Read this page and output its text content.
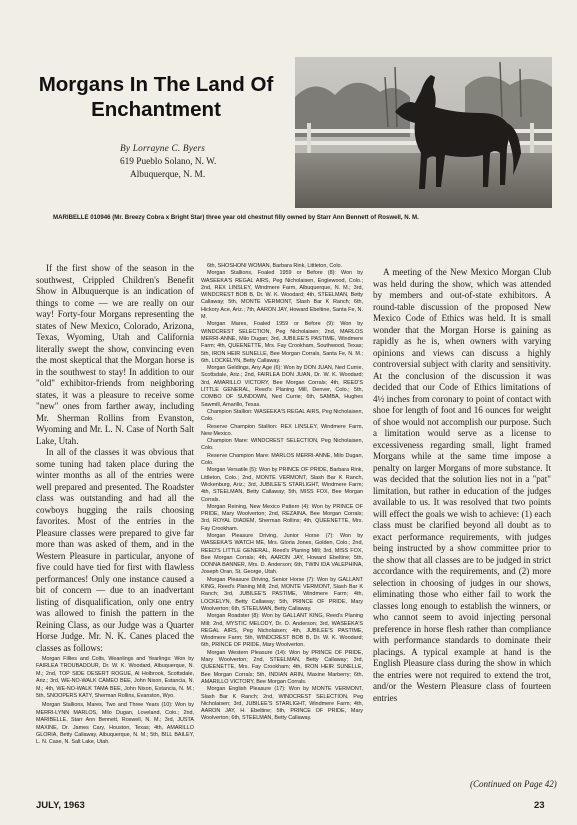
Morgans In The Land Of Enchantment
By Lorrayne C. Byers
619 Pueblo Solano, N. W.
Albuquerque, N. M.
MARIBELLE 010946 (Mr. Breezy Cobra x Bright Star) three year old chestnut filly owned by Starr Ann Bennett of Roswell, N. M.

If the first show of the season in the southwest, Crippled Children's Benefit Show in Albuquerque is an indication of things to come — we are really on our way! Forty-four Morgans representing the states of New Mexico, Colorado, Arizona, Texas, Wyoming, Utah and California literally swept the show, convincing even the most skeptical that the Morgan horse is in the southwest to stay! In addition to our "old" exhibitor-friends from neighboring states, it was a pleasure to receive some "new" ones from farther away, including Mr. Sherman Rollins from Evanston, Wyoming and Mr. L. N. Case of North Salt Lake, Utah.

In all of the classes it was obvious that some tuning had taken place during the winter months as all of the entries were well prepared and presented. The Roadster class was outstanding and had all the cowboys hugging the rails choosing favorites. Most of the entries in the Pleasure classes were prepared to give far more than was asked of them, and in the Western Pleasure in particular, anyone of five could have tied for first with flawless performances! Only one instance caused a bit of concern — due to an inadvertant listing of disqualification, only one entry was allowed to finish the pattern in the Reining Class, as our Judge was a Quarter Horse Judge. Mr. N. K. Canes placed the classes as follows:

Morgan Fillies and Colts, Weanlings and Yearlings: Won by FAIRLEA TROUBADOUR, Dr. W. K. Woodard, Albuquerque, N. M.; 2nd, TOP SIDE DESERT ROGUE, Al Holbrook, Scottsdale, Ariz.; 3rd, WE-NO-WALK CAMEO BEE, John Nixon, Estancia, N. M.; 4th, WE-NO-WALK TAMA BEE, John Nixon, Estancia, N. M.; 5th, SNOOPERS KATY, Sherman Rollins, Evanston, Wyo.

Morgan Stallions, Mares, Two and Three Years (10): Won by MERRI-LYNN MARLOS, Milo Dugan, Loveland, Colo.; 2nd, MARIBELLE, Starr Ann Bennett, Roswell, N. M.; 3rd, JUSTA MAXINE, Dr. James Cary, Houston, Texas; 4th, AMARILLO GLORIA, Betty Callaway, Albuquerque, N. M.; 5th, BILL BAILEY, L. N. Case, N. Salt Lake, Utah.

6th, SHOSHONI WOMAN, Barbara Rink, Littleton, Colo.

Morgan Stallions, Foaled 1959 or Before (8): Won by WASEEKA'S REGAL AIRS, Peg Nicholaisen, Englewood, Colo.; 2nd, REX LINSLEY, Windmere Farm, Albuquerque, N. M.; 3rd, WINDCREST BOB B, Dr. W. K. Woodard; 4th, STEELMAN, Betty Callaway; 5th, MONTE VERMONT, Slash Bar K Ranch; 6th, Hickory Ace, Ariz.; 7th, AARON JAY, Howard Ebeltine, Santa Fe, N. M.

Morgan Mares, Foaled 1959 or Before (9): Won by WINDCREST SELECTION, Peg Nicholaisen; 2nd, MARLOS MERRI-ANNE, Milo Dugan; 3rd, JUBILEE'S PASTIME, Windmere Farm; 4th, QUEENETTE, Mrs. Fay Crookham, Southwood, Texas; 5th, IRON HEIR SUNELLE, Bee Morgan Corrals, Santa Fe, N. M.; 6th, LOCKELYN, Betty Callaway.

Morgan Geldings, Any Age (6): Won by DON JUAN, Ned Currie, Scottsdale, Ariz.; 2nd, FAIRLEA DON JUAN, Dr. W. K. Woodard; 3rd, AMARILLO VICTORY, Bee Morgan Corrals; 4th, REED'S LITTLE GENERAL, Reed's Planing Mill, Denver, Colo.; 5th, COMBO OF SUNDOWN, Ned Currie; 6th, SAMBA, Hughes Sawmill, Amarillo, Texas.

Champion Stallion: WASEEKA'S REGAL AIRS, Peg Nicholaisen, Colo.

Reserve Champion Stallion: REX LINSLEY, Windmere Farm, New Mexico.

Champion Mare: WINDCREST SELECTION, Peg Nicholaisen, Colo.

Reserve Champion Mare: MARLOS MERRI-ANNE, Milo Dugan, Colo.

Morgan Versatile (5): Won by PRINCE OF PRIDE, Barbara Rink, Littleton, Colo.; 2nd, MONTE VERMONT, Slash Bar K Ranch, Wickenburg, Ariz.; 3rd, JUBILEE'S STARLIGHT, Windmere Farm; 4th, STEELMAN, Betty Callaway; 5th, MISS FOX, Bee Morgan Corrals.

Morgan Reining, New Mexico Pattern (4): Won by PRINCE OF PRIDE, Mary Woolverton; 2nd, REZAINA, Bee Morgan Corrals; 3rd, ROYAL DIADEM, Sherman Rollins; 4th, QUEENETTE, Mrs. Fay Crookham.

Morgan Pleasure Driving, Junior Horse (7): Won by WASEEKA'S WATCH ME, Mrs. Gloria Jones, Golden, Colo.; 2nd, REED'S LITTLE GENERAL, Reed's Planing Mill; 3rd, MISS FOX, Bee Morgan Corrals; 4th, AARON JAY, Howard Ebeltine; 5th, DONNA BANNER, Mrs. D. Anderson; 6th, TWIN IDA VALEPHINA, Joseph Oran, St. George, Utah.

Morgan Pleasure Driving, Senior Horse (7): Won by GALLANT KING, Reed's Planing Mill; 2nd, MONTE VERMONT, Slash Bar K Ranch; 3rd, JUBILEE'S PASTIME, Windmere Farm; 4th, LOCKELYN, Betty Callaway; 5th, PRINCE OF PRIDE, Mary Woolverton; 6th, STEELMAN, Betty Callaway.

Morgan Roadster (8): Won by GALLANT KING, Reed's Planing Mill; 2nd, MYSTIC MELODY, Dr. D. Anderson; 3rd, WASEEKA'S REGAL AIRS, Peg Nicholaisen; 4th, JUBILEE'S PASTIME, Windmere Farm; 5th, WINDCREST BOB B, Dr. W. K. Woodard; 6th, PRINCE OF PRIDE, Mary Woolverton.

Morgan Western Pleasure (14): Won by PRINCE OF PRIDE, Mary Woolverton; 2nd, STEELMAN, Betty Callaway; 3rd, QUEENETTE, Mrs. Fay Crookham; 4th, IRON HEIR SUNELLE, Bee Morgan Corrals; 5th, INDIAN ARIN, Maxine Marberry; 6th, AMARILLO VICTORY, Bee Morgan Corrals.

Morgan English Pleasure (17): Won by MONTE VERMONT, Slash Bar K Ranch; 2nd, WINDCREST SELECTION, Peg Nicholaisen; 3rd, JUBILEE'S STARLIGHT, Windmere Farm; 4th, AARON JAY, H. Ebeltine; 5th, PRINCE OF PRIDE, Mary Woolverton; 6th, STEELMAN, Betty Callaway.

A meeting of the New Mexico Morgan Club was held during the show, which was attended by members and out-of-state exhibitors. A round-table discussion of the proposed New Mexico Code of Ethics was held. It is small wonder that the Morgan Horse is gaining as rapidly as he is, when owners with varying opinions and views can discuss a highly controversial subject with clarity and sensitivity. At the conclusion of the discussion it was decided that our Code of Ethics limitations of 4½ inches from coronary to point of contact with shoe for length of foot and 16 ounces for weight of shoe would not accomplish our purpose. Such a limitation would serve as a license to excessiveness regarding small, light framed Morgans while at the same time impose a penalty on larger Morgans of more substance. It was decided that the solution lies not in a "pat" limitation, but rather in education of the judges available to us. It was resolved that two points will effect the goals we wish to achieve: (1) each class must be clarified beyond all doubt as to exact performance requirements, with judges being instructed by a show committee prior to the show that all classes are to be judged in strict accordance with the requirements, and (2) more selection in choosing of judges in our shows, eliminating those who either fail to work the classes long enough to establish the winners, or who cannot seem to avoid injecting personal preference in horse flesh rather than compliance with performance standards to dominate their placings. A typical example at hand is the English Pleasure class during the show in which the entries were not required to extend the trot, and/or the Western Pleasure class of fourteen entries

(Continued on Page 42)
JULY, 1963	23
